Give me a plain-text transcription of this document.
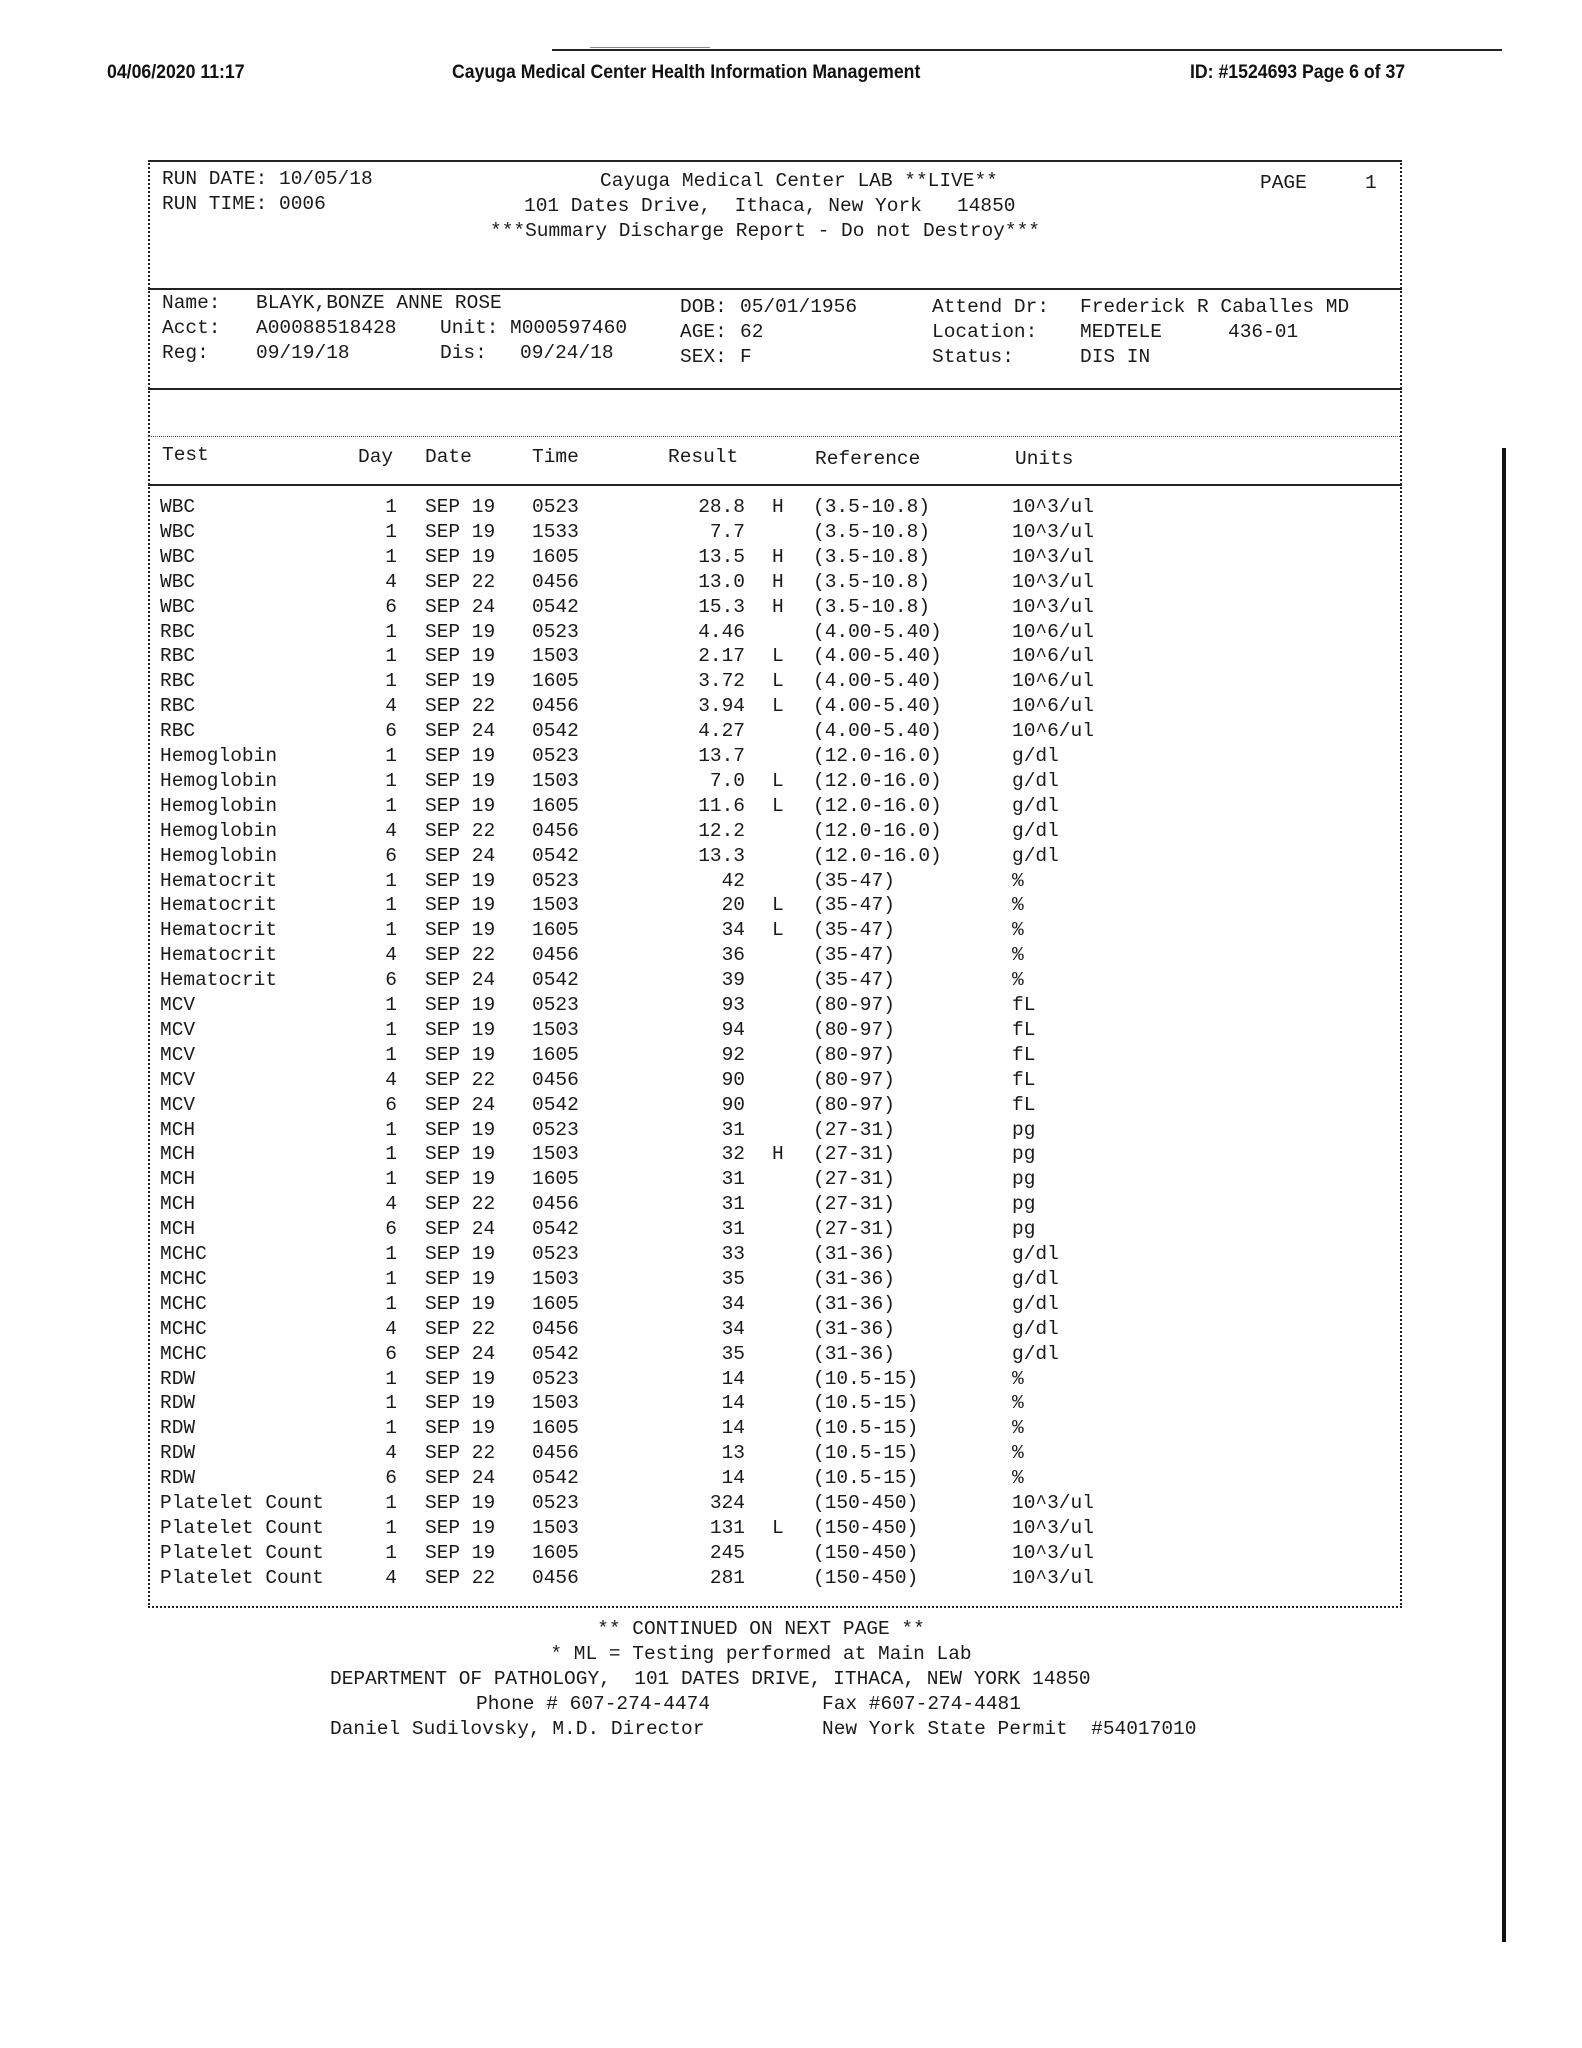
04/06/2020 11:17	Cayuga Medical Center Health Information Management	ID: #1524693 Page 6 of 37
RUN DATE: 10/05/18
RUN TIME: 0006
Cayuga Medical Center LAB **LIVE**
101 Dates Drive,  Ithaca, New York   14850
***Summary Discharge Report - Do not Destroy***
PAGE	1
Name: BLAYK,BONZE ANNE ROSE
Acct: A00088518428 Unit: M000597460
Reg: 09/19/18	Dis: 09/24/18
DOB: 05/01/1956
AGE: 62
SEX: F
Attend Dr: Frederick R Caballes MD
Location: MEDTELE	436-01
Status:	DIS IN
Test	Day Date	Time	Result	Reference	Units
WBC	1 SEP 19 0523	28.8 H (3.5-10.8)	10^3/ul
WBC	1 SEP 19 1533	7.7	(3.5-10.8)	10^3/ul
WBC	1 SEP 19 1605	13.5 H (3.5-10.8)	10^3/ul
WBC	4 SEP 22 0456	13.0 H (3.5-10.8)	10^3/ul
WBC	6 SEP 24 0542	15.3 H (3.5-10.8)	10^3/ul
RBC	1 SEP 19 0523	4.46	(4.00-5.40)	10^6/ul
RBC	1 SEP 19 1503	2.17 L (4.00-5.40)	10^6/ul
RBC	1 SEP 19 1605	3.72 L (4.00-5.40)	10^6/ul
RBC	4 SEP 22 0456	3.94 L (4.00-5.40)	10^6/ul
RBC	6 SEP 24 0542	4.27	(4.00-5.40)	10^6/ul
Hemoglobin	1 SEP 19 0523	13.7	(12.0-16.0)	g/dl
Hemoglobin	1 SEP 19 1503	7.0 L (12.0-16.0)	g/dl
Hemoglobin	1 SEP 19 1605	11.6 L (12.0-16.0)	g/dl
Hemoglobin	4 SEP 22 0456	12.2	(12.0-16.0)	g/dl
Hemoglobin	6 SEP 24 0542	13.3	(12.0-16.0)	g/dl
Hematocrit	1 SEP 19 0523	42	(35-47)	%
Hematocrit	1 SEP 19 1503	20 L (35-47)	%
Hematocrit	1 SEP 19 1605	34 L (35-47)	%
Hematocrit	4 SEP 22 0456	36	(35-47)	%
Hematocrit	6 SEP 24 0542	39	(35-47)	%
MCV	1 SEP 19 0523	93	(80-97)	fL
MCV	1 SEP 19 1503	94	(80-97)	fL
MCV	1 SEP 19 1605	92	(80-97)	fL
MCV	4 SEP 22 0456	90	(80-97)	fL
MCV	6 SEP 24 0542	90	(80-97)	fL
MCH	1 SEP 19 0523	31	(27-31)	pg
MCH	1 SEP 19 1503	32 H (27-31)	pg
MCH	1 SEP 19 1605	31	(27-31)	pg
MCH	4 SEP 22 0456	31	(27-31)	pg
MCH	6 SEP 24 0542	31	(27-31)	pg
MCHC	1 SEP 19 0523	33	(31-36)	g/dl
MCHC	1 SEP 19 1503	35	(31-36)	g/dl
MCHC	1 SEP 19 1605	34	(31-36)	g/dl
MCHC	4 SEP 22 0456	34	(31-36)	g/dl
MCHC	6 SEP 24 0542	35	(31-36)	g/dl
RDW	1 SEP 19 0523	14	(10.5-15)	%
RDW	1 SEP 19 1503	14	(10.5-15)	%
RDW	1 SEP 19 1605	14	(10.5-15)	%
RDW	4 SEP 22 0456	13	(10.5-15)	%
RDW	6 SEP 24 0542	14	(10.5-15)	%
Platelet Count	1 SEP 19 0523	324	(150-450)	10^3/ul
Platelet Count	1 SEP 19 1503	131 L (150-450)	10^3/ul
Platelet Count	1 SEP 19 1605	245	(150-450)	10^3/ul
Platelet Count	4 SEP 22 0456	281	(150-450)	10^3/ul
** CONTINUED ON NEXT PAGE **
* ML = Testing performed at Main Lab
DEPARTMENT OF PATHOLOGY,  101 DATES DRIVE, ITHACA, NEW YORK 14850
Phone # 607-274-4474	Fax #607-274-4481
Daniel Sudilovsky, M.D. Director	New York State Permit  #54017010
